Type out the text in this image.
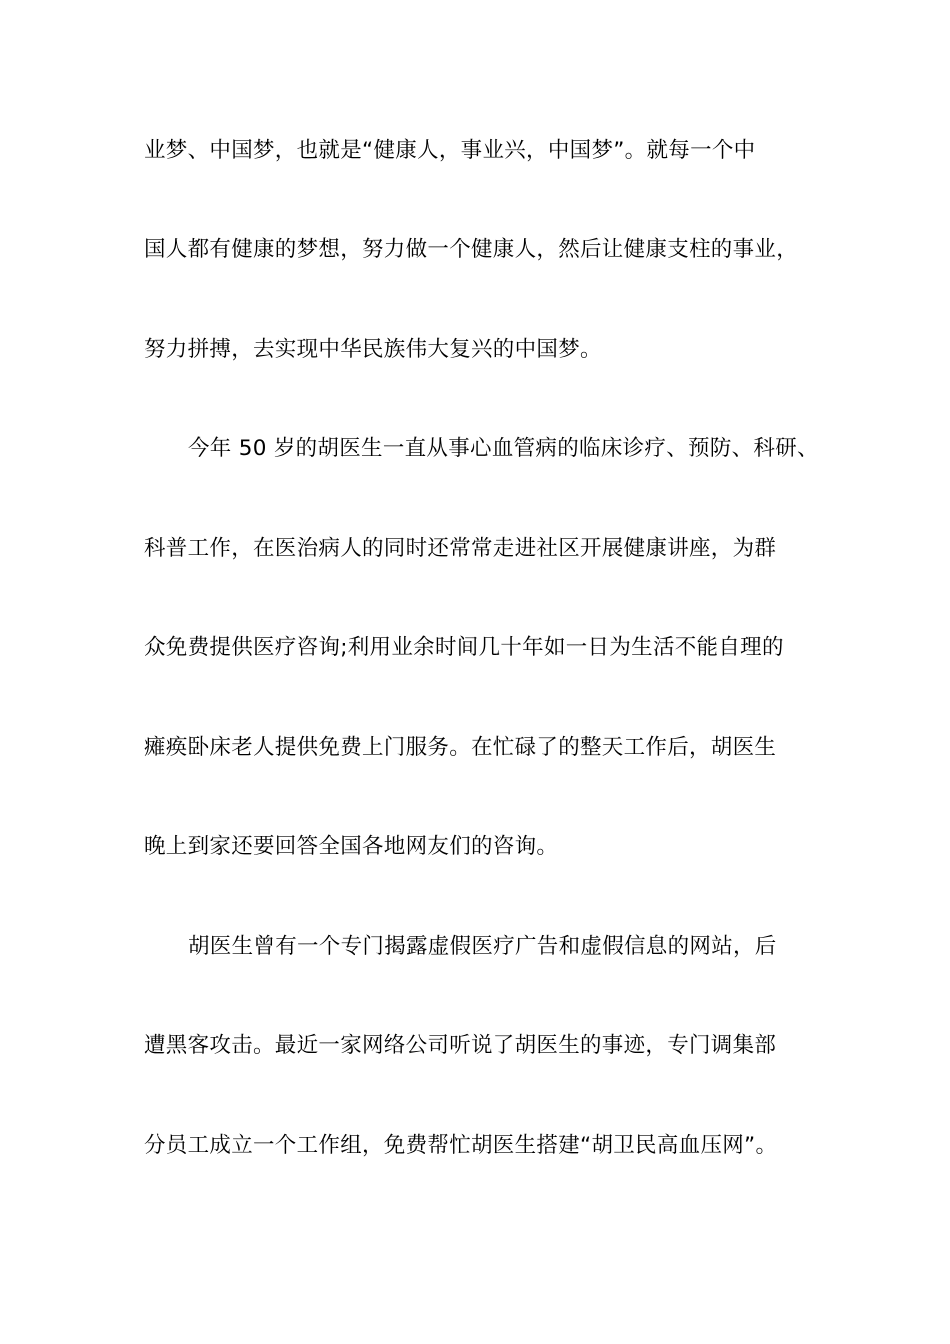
业梦、中国梦，也就是“健康人，事业兴，中国梦”。就每一个中
国人都有健康的梦想，努力做一个健康人，然后让健康支柱的事业，
努力拼搏，去实现中华民族伟大复兴的中国梦。
今年 50 岁的胡医生一直从事心血管病的临床诊疗、预防、科研、
科普工作，在医治病人的同时还常常走进社区开展健康讲座，为群
众免费提供医疗咨询;利用业余时间几十年如一日为生活不能自理的
瘫痪卧床老人提供免费上门服务。在忙碌了的整天工作后，胡医生
晚上到家还要回答全国各地网友们的咨询。
胡医生曾有一个专门揭露虚假医疗广告和虚假信息的网站，后
遭黑客攻击。最近一家网络公司听说了胡医生的事迹，专门调集部
分员工成立一个工作组，免费帮忙胡医生搭建“胡卫民高血压网”。
